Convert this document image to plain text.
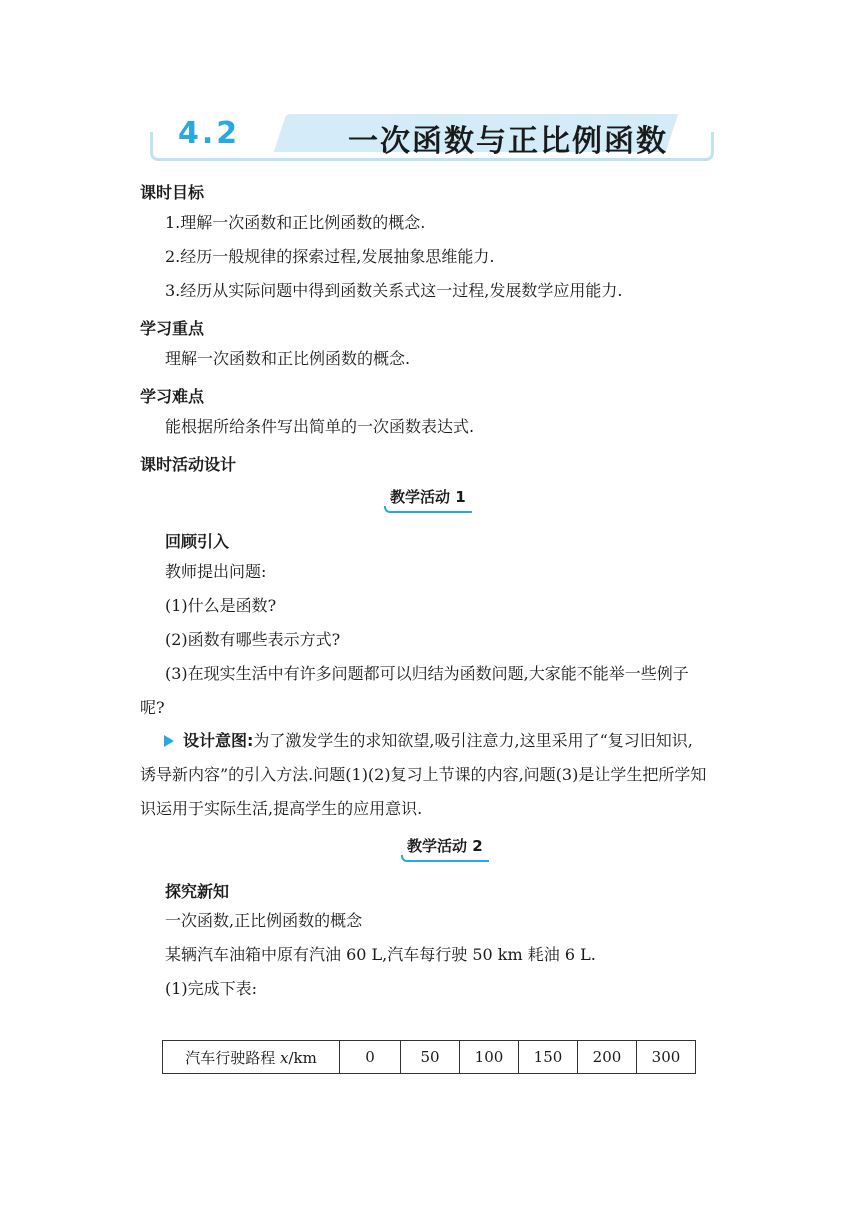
4.2	一次函数与正比例函数
课时目标
1.理解一次函数和正比例函数的概念.
2.经历一般规律的探索过程,发展抽象思维能力.
3.经历从实际问题中得到函数关系式这一过程,发展数学应用能力.
学习重点
理解一次函数和正比例函数的概念.
学习难点
能根据所给条件写出简单的一次函数表达式.
课时活动设计
教学活动 1
回顾引入
教师提出问题:
(1)什么是函数?
(2)函数有哪些表示方式?
(3)在现实生活中有许多问题都可以归结为函数问题,大家能不能举一些例子
呢?
设计意图:为了激发学生的求知欲望,吸引注意力,这里采用了“复习旧知识,
诱导新内容”的引入方法.问题(1)(2)复习上节课的内容,问题(3)是让学生把所学知
识运用于实际生活,提高学生的应用意识.
教学活动 2
探究新知
一次函数,正比例函数的概念
某辆汽车油箱中原有汽油 60 L,汽车每行驶 50 km 耗油 6 L.
(1)完成下表:
汽车行驶路程 x/km	0	50	100	150	200	300
